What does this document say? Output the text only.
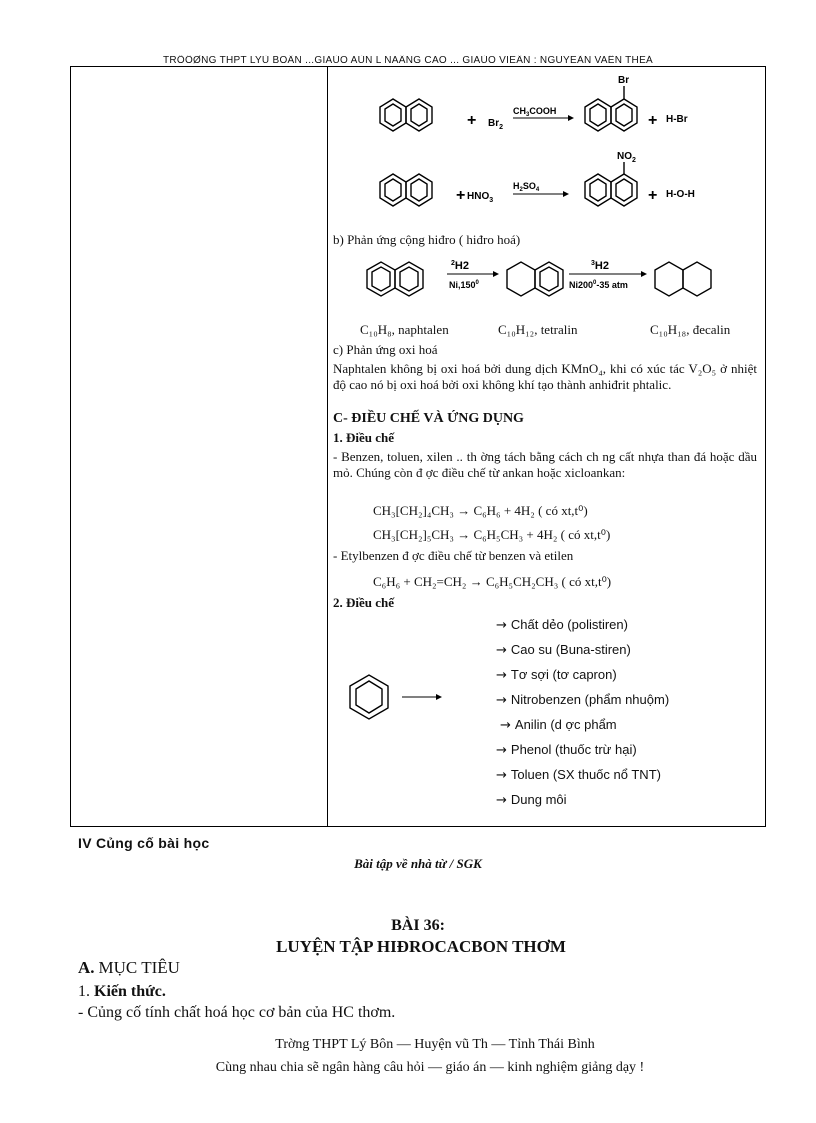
TRÖÔØNG THPT LYÙ BOÂN ...GIAÙO AÙN L NAÂNG CAO ... GIAÙO VIEÂN : NGUYEÃN VAÊN THEÁ
+ $Br_2$
$CH_3COOH$
Br
+ H-Br
+ $HNO_3$
$H_2SO_4$
$NO_2$
+ H-O-H
b) Phản ứng cộng hiđro ( hiđro hoá)
$^2$H2
Ni,150$^0$
$^3$H2
$Ni200^0-35$ atm
C₁₀H₈, naphtalen	C₁₀H₁₂, tetralin	C₁₀H₁₈, đecalin
c) Phản ứng oxi hoá
Naphtalen không bị oxi hoá bởi dung dịch KMnO₄, khi có xúc tác V₂O₅ ở nhiệt độ cao nó bị oxi hoá bởi oxi không khí tạo thành anhiđrit phtalic.
C- ĐIỀU CHẾ VÀ ỨNG DỤNG
1. Điều chế
- Benzen, toluen, xilen .. th ờng tách bằng cách ch ng cất nhựa than đá hoặc dầu mỏ. Chúng còn đ ợc điều chế từ ankan hoặc xicloankan:
CH₃[CH₂]₄CH₃ → C₆H₆ + 4H₂ ( có xt,t⁰)
CH₃[CH₂]₅CH₃ → C₆H₅CH₃ + 4H₂ ( có xt,t⁰)
- Etylbenzen đ ợc điều chế từ benzen và etilen
C₆H₆ + CH₂=CH₂ → C₆H₅CH₂CH₃ ( có xt,t⁰)
2. Điều chế
→ Chất dẻo (polistiren)
→ Cao su (Buna-stiren)
→ Tơ sợi (tơ capron)
→ Nitrobenzen (phẩm nhuộm)
→ Anilin (d ợc phẩm
→ Phenol (thuốc trừ hại)
→ Toluen (SX thuốc nổ TNT)
→ Dung môi
IV Củng cố bài học
Bài tập về nhà từ / SGK
BÀI 36:
LUYỆN TẬP HIĐROCACBON THƠM
A. MỤC TIÊU
1. Kiến thức.
- Củng cố tính chất hoá học cơ bản của HC thơm.
Trờng THPT Lý Bôn — Huyện vũ Th — Tỉnh Thái Bình
Cùng nhau chia sẽ ngân hàng câu hỏi — giáo án — kinh nghiệm giảng dạy !
